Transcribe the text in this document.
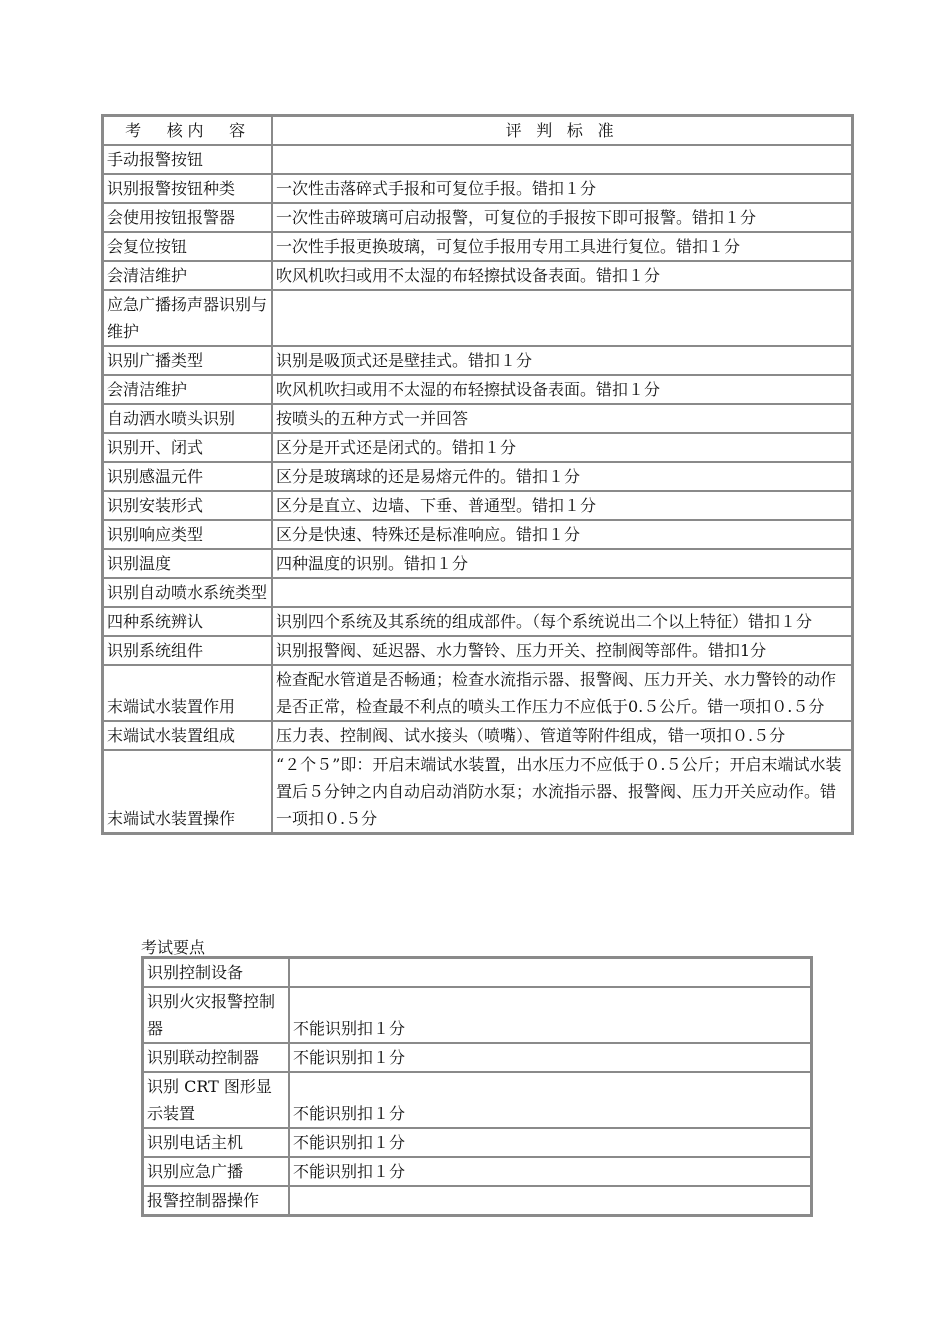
考　核内　容	评 判 标 准
手动报警按钮	
识别报警按钮种类	一次性击落碎式手报和可复位手报。错扣１分
会使用按钮报警器	一次性击碎玻璃可启动报警，可复位的手报按下即可报警。错扣１分
会复位按钮	一次性手报更换玻璃，可复位手报用专用工具进行复位。错扣１分
会清洁维护	吹风机吹扫或用不太湿的布轻擦拭设备表面。错扣１分
应急广播扬声器识别与维护	
识别广播类型	识别是吸顶式还是壁挂式。错扣１分
会清洁维护	吹风机吹扫或用不太湿的布轻擦拭设备表面。错扣１分
自动洒水喷头识别	按喷头的五种方式一并回答
识别开、闭式	区分是开式还是闭式的。错扣１分
识别感温元件	区分是玻璃球的还是易熔元件的。错扣１分
识别安装形式	区分是直立、边墙、下垂、普通型。错扣１分
识别响应类型	区分是快速、特殊还是标准响应。错扣１分
识别温度	四种温度的识别。错扣１分
识别自动喷水系统类型	
四种系统辨认	识别四个系统及其系统的组成部件。（每个系统说出二个以上特征）错扣１分
识别系统组件	识别报警阀、延迟器、水力警铃、压力开关、控制阀等部件。错扣1分
末端试水装置作用	检查配水管道是否畅通；检查水流指示器、报警阀、压力开关、水力警铃的动作是否正常，检查最不利点的喷头工作压力不应低于0.５公斤。错一项扣０.５分
末端试水装置组成	压力表、控制阀、试水接头（喷嘴）、管道等附件组成，错一项扣０.５分
末端试水装置操作	“２个５”即：开启末端试水装置，出水压力不应低于０.５公斤；开启末端试水装置后５分钟之内自动启动消防水泵；水流指示器、报警阀、压力开关应动作。错一项扣０.５分
考试要点
识别控制设备	
识别火灾报警控制器	不能识别扣１分
识别联动控制器	不能识别扣１分
识别 CRT 图形显示装置	不能识别扣１分
识别电话主机	不能识别扣１分
识别应急广播	不能识别扣１分
报警控制器操作	
